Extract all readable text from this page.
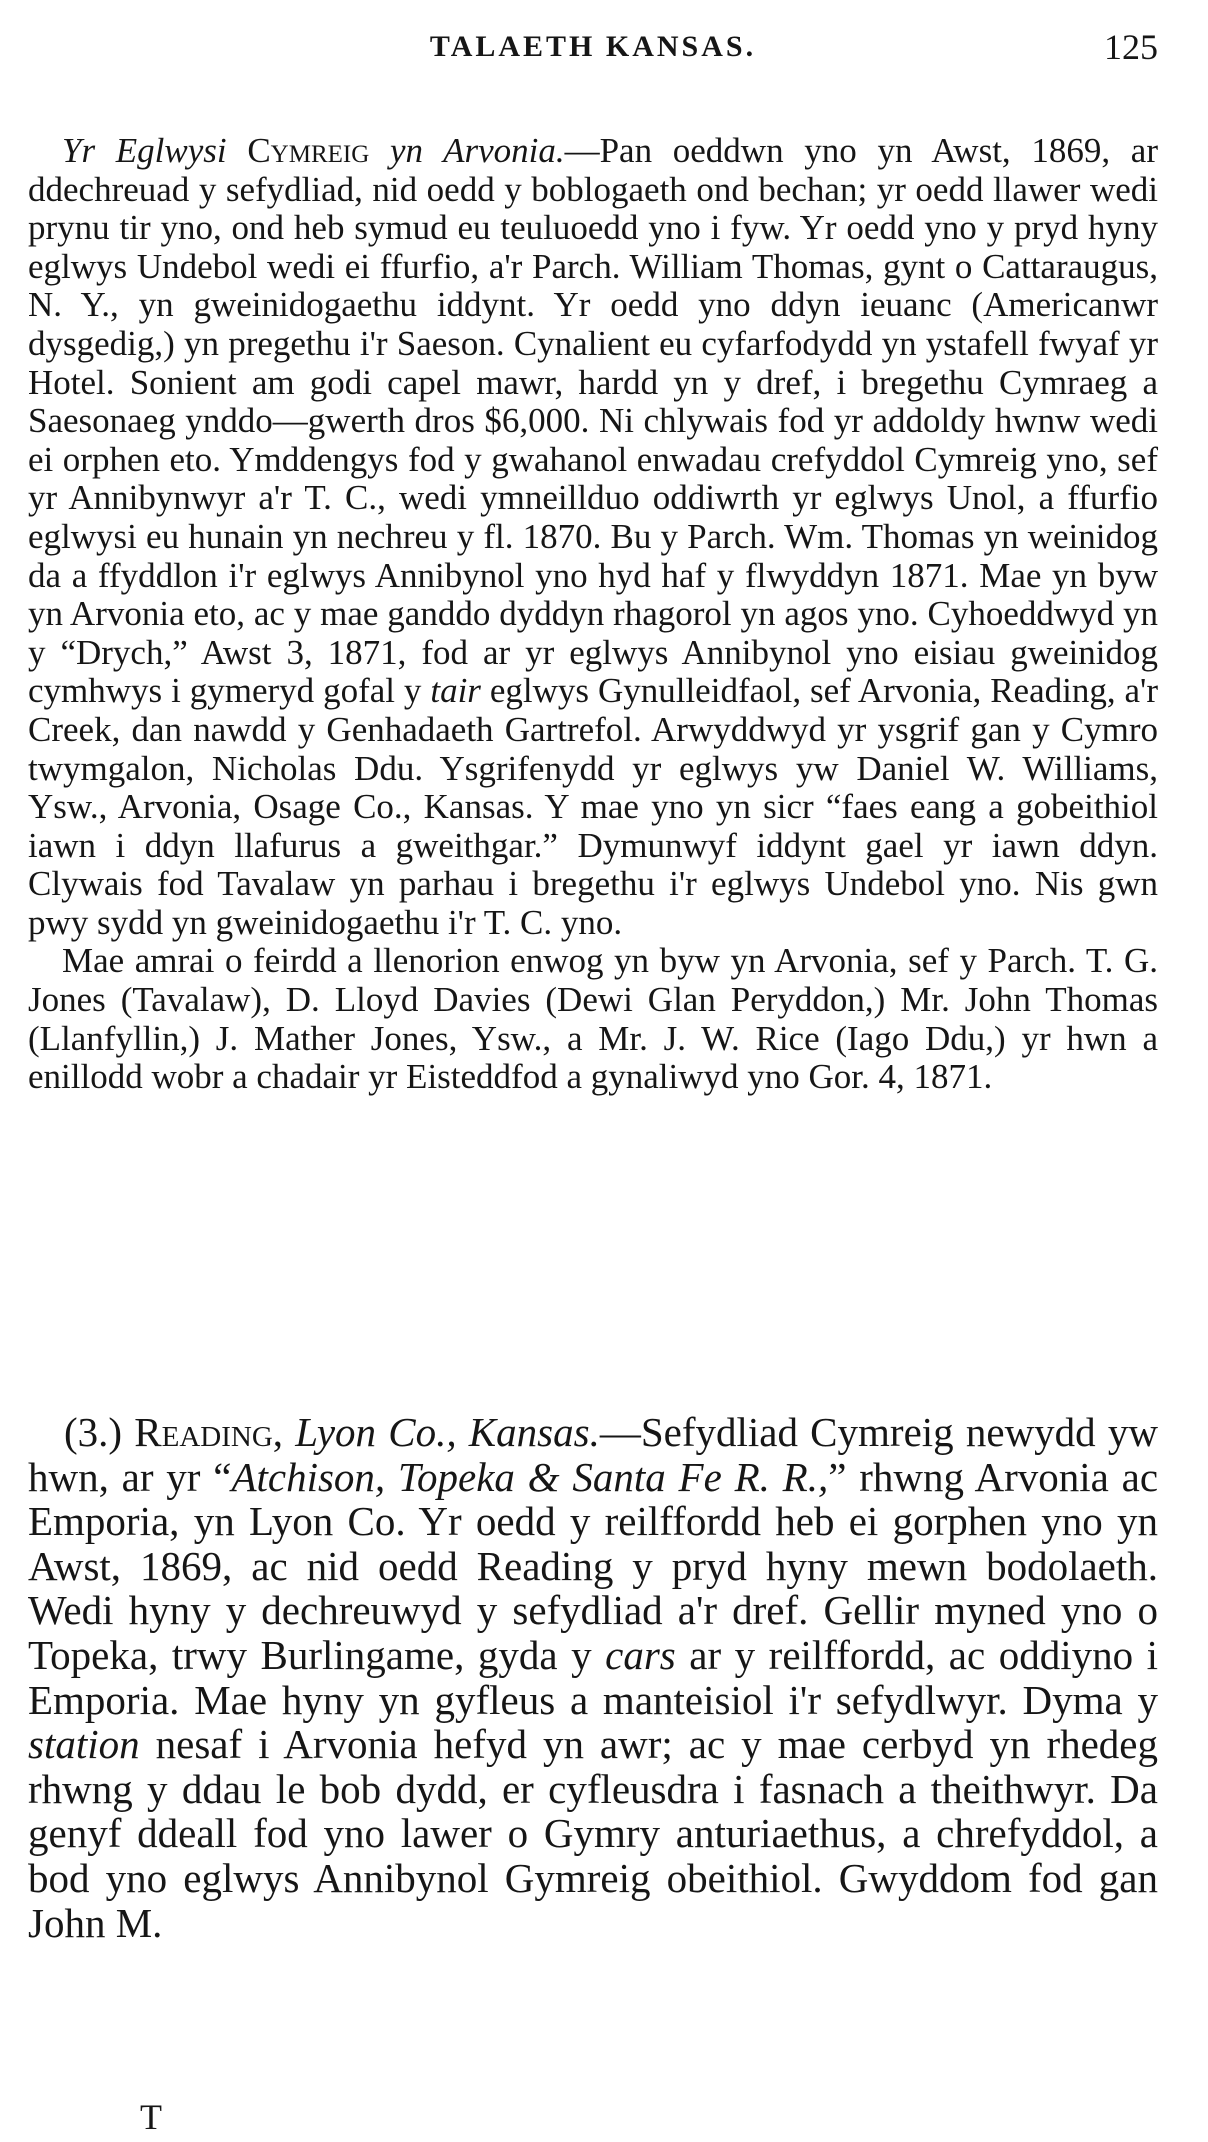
TALAETH KANSAS.	125

Yr Eglwysi Cymreig yn Arvonia.—Pan oeddwn yno yn Awst, 1869, ar ddechreuad y sefydliad, nid oedd y boblogaeth ond bechan; yr oedd llawer wedi prynu tir yno, ond heb symud eu teuluoedd yno i fyw. Yr oedd yno y pryd hyny eglwys Undebol wedi ei ffurfio, a'r Parch. William Thomas, gynt o Cattaraugus, N. Y., yn gweinidogaethu iddynt. Yr oedd yno ddyn ieuanc (Americanwr dysgedig,) yn pregethu i'r Saeson. Cynalient eu cyfarfodydd yn ystafell fwyaf yr Hotel. Sonient am godi capel mawr, hardd yn y dref, i bregethu Cymraeg a Saesonaeg ynddo—gwerth dros $6,000. Ni chlywais fod yr addoldy hwnw wedi ei orphen eto. Ymddengys fod y gwahanol enwadau crefyddol Cymreig yno, sef yr Annibynwyr a'r T. C., wedi ymneillduo oddiwrth yr eglwys Unol, a ffurfio eglwysi eu hunain yn nechreu y fl. 1870. Bu y Parch. Wm. Thomas yn weinidog da a ffyddlon i'r eglwys Annibynol yno hyd haf y flwyddyn 1871. Mae yn byw yn Arvonia eto, ac y mae ganddo dyddyn rhagorol yn agos yno. Cyhoeddwyd yn y “Drych,” Awst 3, 1871, fod ar yr eglwys Annibynol yno eisiau gweinidog cymhwys i gymeryd gofal y tair eglwys Gynulleidfaol, sef Arvonia, Reading, a'r Creek, dan nawdd y Genhadaeth Gartrefol. Arwyddwyd yr ysgrif gan y Cymro twymgalon, Nicholas Ddu. Ysgrifenydd yr eglwys yw Daniel W. Williams, Ysw., Arvonia, Osage Co., Kansas. Y mae yno yn sicr “faes eang a gobeithiol iawn i ddyn llafurus a gweithgar.” Dymunwyf iddynt gael yr iawn ddyn. Clywais fod Tavalaw yn parhau i bregethu i'r eglwys Undebol yno. Nis gwn pwy sydd yn gweinidogaethu i'r T. C. yno.

Mae amrai o feirdd a llenorion enwog yn byw yn Arvonia, sef y Parch. T. G. Jones (Tavalaw), D. Lloyd Davies (Dewi Glan Peryddon,) Mr. John Thomas (Llanfyllin,) J. Mather Jones, Ysw., a Mr. J. W. Rice (Iago Ddu,) yr hwn a enillodd wobr a chadair yr Eisteddfod a gynaliwyd yno Gor. 4, 1871.

(3.) Reading, Lyon Co., Kansas.—Sefydliad Cymreig newydd yw hwn, ar yr “Atchison, Topeka & Santa Fe R. R.,” rhwng Arvonia ac Emporia, yn Lyon Co. Yr oedd y reilffordd heb ei gorphen yno yn Awst, 1869, ac nid oedd Reading y pryd hyny mewn bodolaeth. Wedi hyny y dechreuwyd y sefydliad a'r dref. Gellir myned yno o Topeka, trwy Burlingame, gyda y cars ar y reilffordd, ac oddiyno i Emporia. Mae hyny yn gyfleus a manteisiol i'r sefydlwyr. Dyma y station nesaf i Arvonia hefyd yn awr; ac y mae cerbyd yn rhedeg rhwng y ddau le bob dydd, er cyfleusdra i fasnach a theithwyr. Da genyf ddeall fod yno lawer o Gymry anturiaethus, a chrefyddol, a bod yno eglwys Annibynol Gymreig obeithiol. Gwyddom fod gan John M.

T
